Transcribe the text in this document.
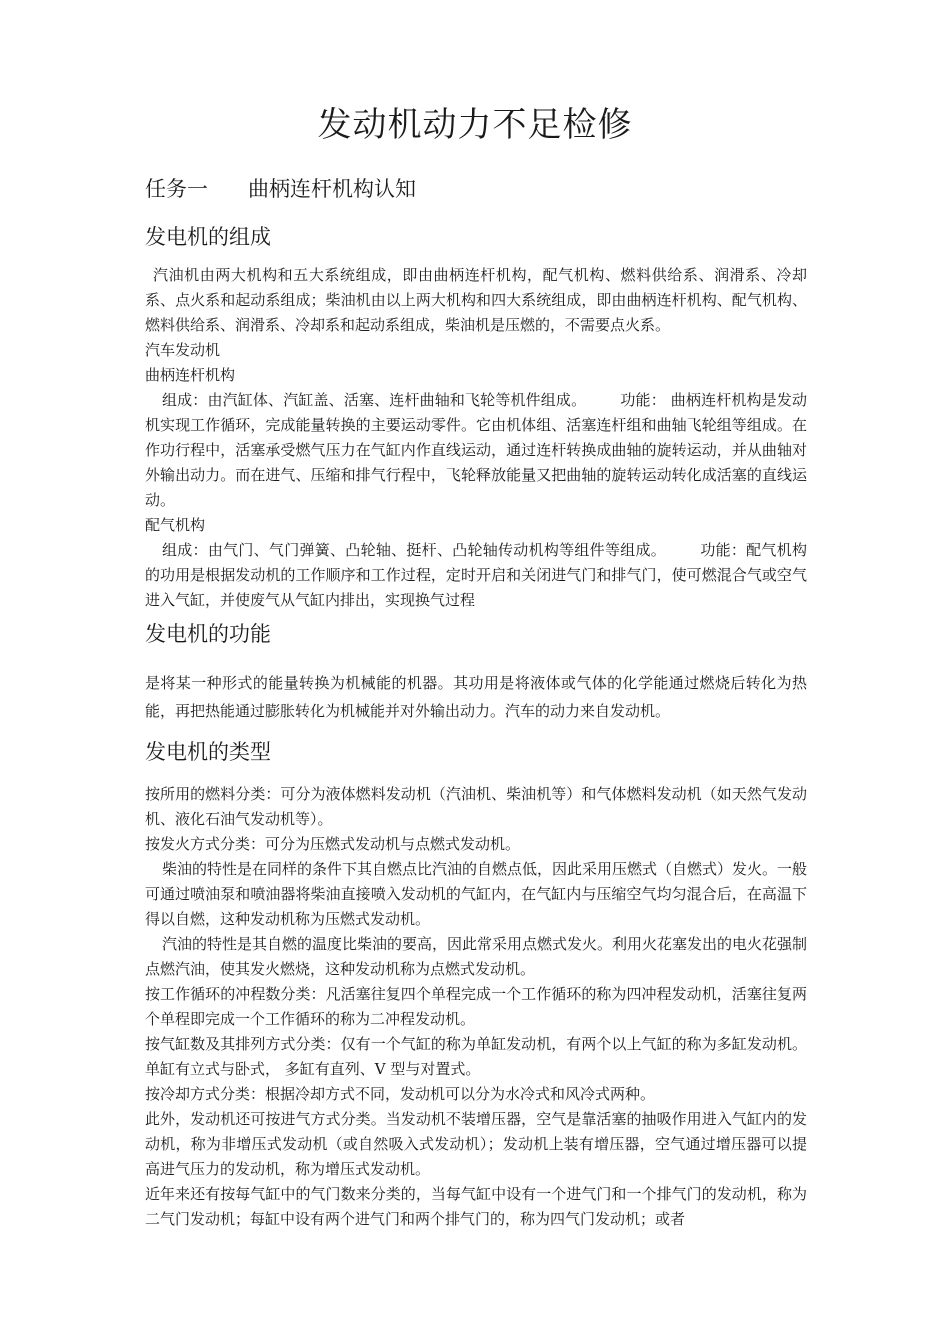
发动机动力不足检修
任务一 曲柄连杆机构认知
发电机的组成

汽油机由两大机构和五大系统组成，即由曲柄连杆机构，配气机构、燃料供给系、润滑系、冷却系、点火系和起动系组成；柴油机由以上两大机构和四大系统组成，即由曲柄连杆机构、配气机构、燃料供给系、润滑系、冷却系和起动系组成，柴油机是压燃的，不需要点火系。

汽车发动机

曲柄连杆机构

组成：由汽缸体、汽缸盖、活塞、连杆曲轴和飞轮等机件组成。 功能： 曲柄连杆机构是发动机实现工作循环，完成能量转换的主要运动零件。它由机体组、活塞连杆组和曲轴飞轮组等组成。在作功行程中，活塞承受燃气压力在气缸内作直线运动，通过连杆转换成曲轴的旋转运动，并从曲轴对外输出动力。而在进气、压缩和排气行程中，飞轮释放能量又把曲轴的旋转运动转化成活塞的直线运动。

配气机构

组成：由气门、气门弹簧、凸轮轴、挺杆、凸轮轴传动机构等组件等组成。 功能：配气机构的功用是根据发动机的工作顺序和工作过程，定时开启和关闭进气门和排气门，使可燃混合气或空气进入气缸，并使废气从气缸内排出，实现换气过程

发电机的功能

是将某一种形式的能量转换为机械能的机器。其功用是将液体或气体的化学能通过燃烧后转化为热能，再把热能通过膨胀转化为机械能并对外输出动力。汽车的动力来自发动机。

发电机的类型

按所用的燃料分类：可分为液体燃料发动机（汽油机、柴油机等）和气体燃料发动机（如天然气发动机、液化石油气发动机等）。

按发火方式分类：可分为压燃式发动机与点燃式发动机。

柴油的特性是在同样的条件下其自燃点比汽油的自燃点低，因此采用压燃式（自燃式）发火。一般可通过喷油泵和喷油器将柴油直接喷入发动机的气缸内，在气缸内与压缩空气均匀混合后，在高温下得以自燃，这种发动机称为压燃式发动机。

汽油的特性是其自燃的温度比柴油的要高，因此常采用点燃式发火。利用火花塞发出的电火花强制点燃汽油，使其发火燃烧，这种发动机称为点燃式发动机。

按工作循环的冲程数分类：凡活塞往复四个单程完成一个工作循环的称为四冲程发动机，活塞往复两个单程即完成一个工作循环的称为二冲程发动机。

按气缸数及其排列方式分类：仅有一个气缸的称为单缸发动机，有两个以上气缸的称为多缸发动机。单缸有立式与卧式， 多缸有直列、V 型与对置式。

按冷却方式分类：根据冷却方式不同，发动机可以分为水冷式和风冷式两种。

此外，发动机还可按进气方式分类。当发动机不装增压器，空气是靠活塞的抽吸作用进入气缸内的发动机，称为非增压式发动机（或自然吸入式发动机）；发动机上装有增压器，空气通过增压器可以提高进气压力的发动机，称为增压式发动机。

近年来还有按每气缸中的气门数来分类的，当每气缸中设有一个进气门和一个排气门的发动机，称为二气门发动机；每缸中设有两个进气门和两个排气门的，称为四气门发动机；或者
